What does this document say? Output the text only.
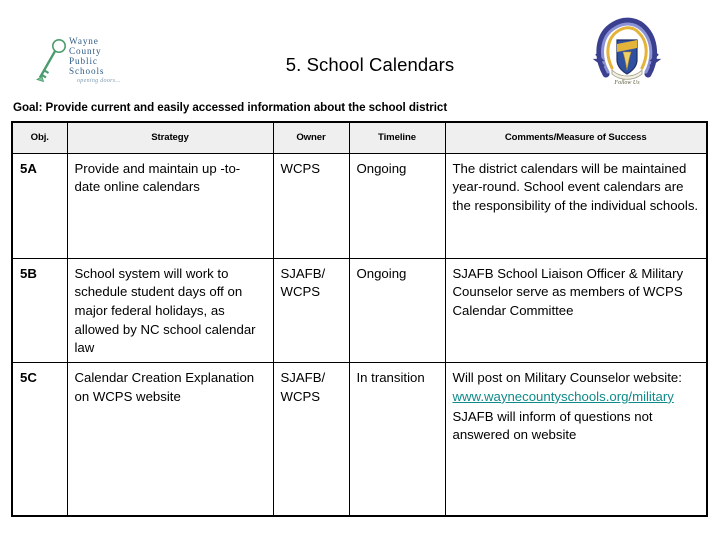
Wayne
County
Public
Schools
opening doors...
5. School Calendars
Follow Us
Goal: Provide current and easily accessed information about the school district
Obj.	Strategy	Owner	Timeline	Comments/Measure of Success
5A	Provide and maintain up -to-date online calendars	WCPS	Ongoing	The district calendars will be maintained year-round. School event calendars are the responsibility of the individual schools.

5B	School system will work to schedule student days off on major federal holidays, as allowed by NC school calendar law	SJAFB/ WCPS	Ongoing	SJAFB School Liaison Officer & Military Counselor serve as members of WCPS Calendar Committee

5C	Calendar Creation Explanation on WCPS website	SJAFB/ WCPS	In transition	Will post on Military Counselor website:

www.waynecountyschools.org/military

SJAFB will inform of questions not answered on website
